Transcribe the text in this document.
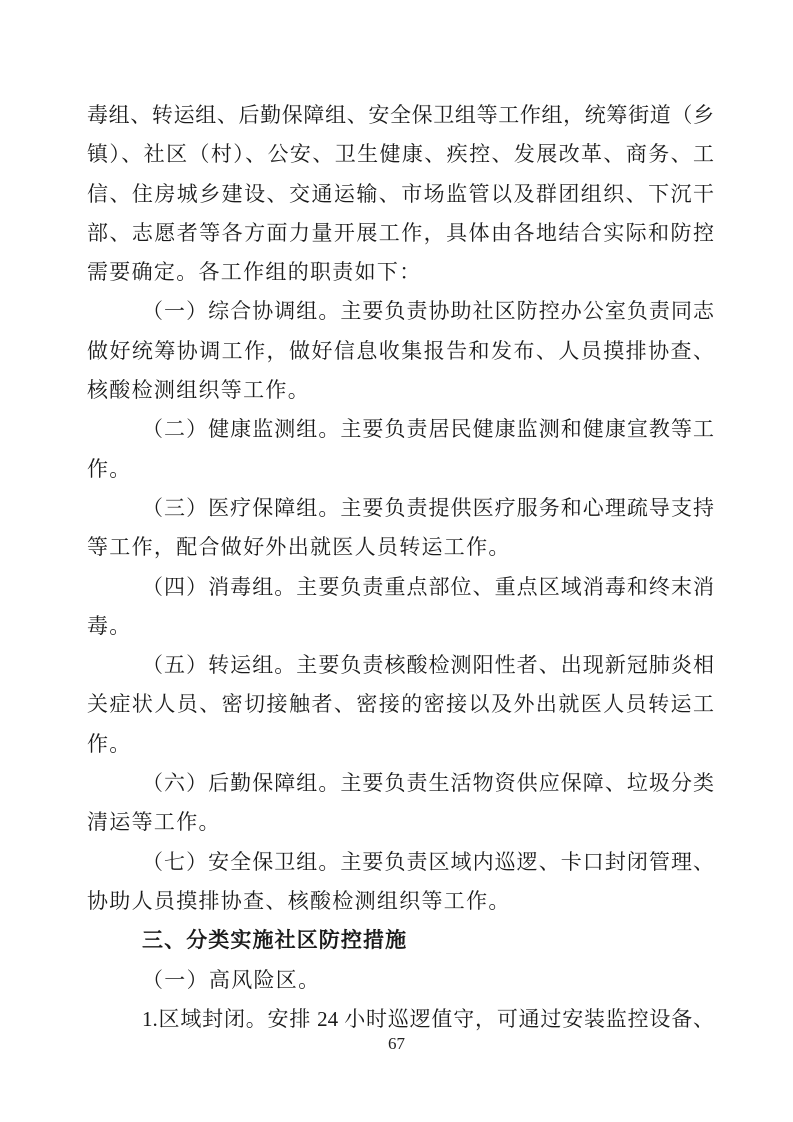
毒组、转运组、后勤保障组、安全保卫组等工作组，统筹街道（乡
镇）、社区（村）、公安、卫生健康、疾控、发展改革、商务、工
信、住房城乡建设、交通运输、市场监管以及群团组织、下沉干
部、志愿者等各方面力量开展工作，具体由各地结合实际和防控
需要确定。各工作组的职责如下：
（一）综合协调组。主要负责协助社区防控办公室负责同志
做好统筹协调工作，做好信息收集报告和发布、人员摸排协查、
核酸检测组织等工作。
（二）健康监测组。主要负责居民健康监测和健康宣教等工
作。
（三）医疗保障组。主要负责提供医疗服务和心理疏导支持
等工作，配合做好外出就医人员转运工作。
（四）消毒组。主要负责重点部位、重点区域消毒和终末消
毒。
（五）转运组。主要负责核酸检测阳性者、出现新冠肺炎相
关症状人员、密切接触者、密接的密接以及外出就医人员转运工
作。
（六）后勤保障组。主要负责生活物资供应保障、垃圾分类
清运等工作。
（七）安全保卫组。主要负责区域内巡逻、卡口封闭管理、
协助人员摸排协查、核酸检测组织等工作。
三、分类实施社区防控措施
（一）高风险区。
1.区域封闭。安排 24 小时巡逻值守，可通过安装监控设备、
67
